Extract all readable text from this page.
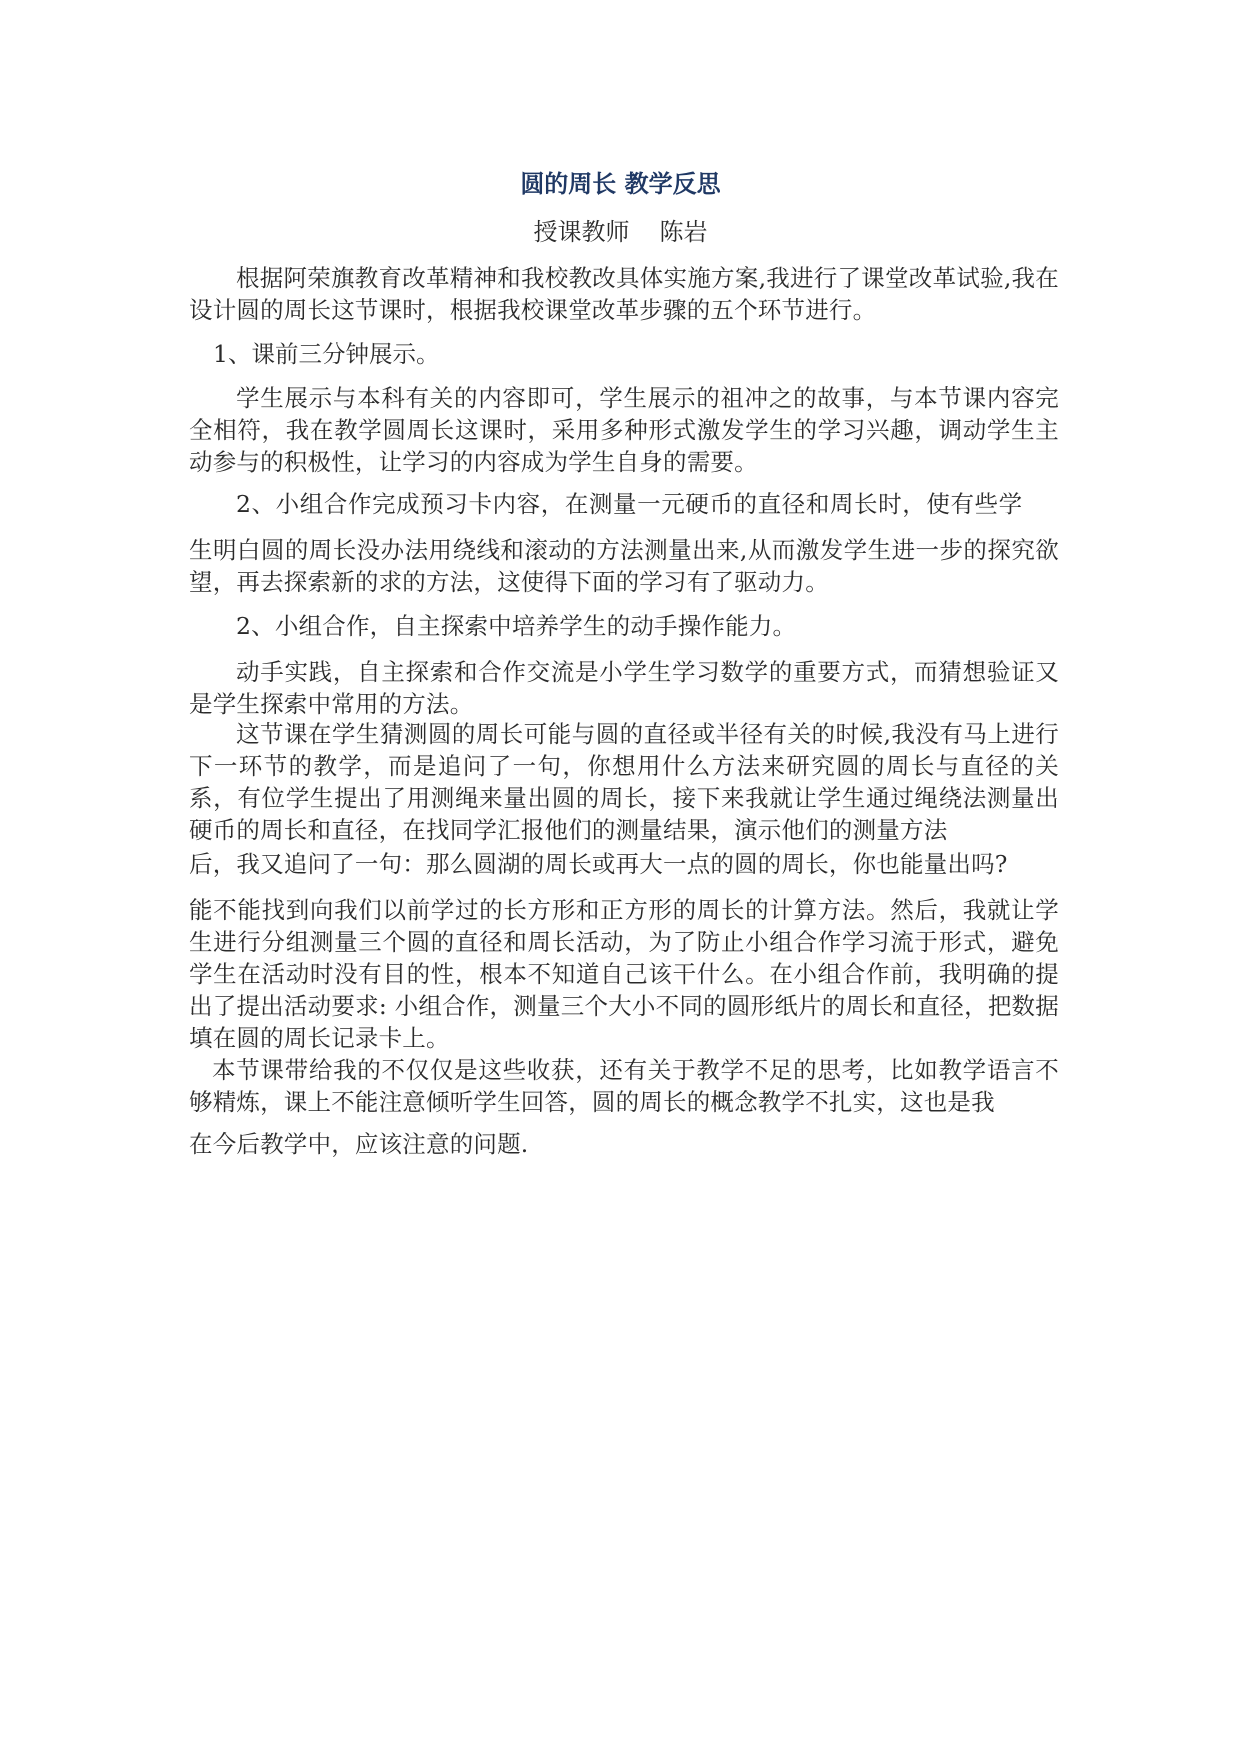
圆的周长 教学反思

授课教师 陈岩

根据阿荣旗教育改革精神和我校教改具体实施方案,我进行了课堂改革试验,我在设计圆的周长这节课时，根据我校课堂改革步骤的五个环节进行。

1、课前三分钟展示。

学生展示与本科有关的内容即可，学生展示的祖冲之的故事，与本节课内容完全相符，我在教学圆周长这课时，采用多种形式激发学生的学习兴趣，调动学生主动参与的积极性，让学习的内容成为学生自身的需要。

2、小组合作完成预习卡内容，在测量一元硬币的直径和周长时，使有些学

生明白圆的周长没办法用绕线和滚动的方法测量出来,从而激发学生进一步的探究欲望，再去探索新的求的方法，这使得下面的学习有了驱动力。

2、小组合作，自主探索中培养学生的动手操作能力。

动手实践，自主探索和合作交流是小学生学习数学的重要方式，而猜想验证又是学生探索中常用的方法。

这节课在学生猜测圆的周长可能与圆的直径或半径有关的时候,我没有马上进行下一环节的教学，而是追问了一句，你想用什么方法来研究圆的周长与直径的关系，有位学生提出了用测绳来量出圆的周长，接下来我就让学生通过绳绕法测量出硬币的周长和直径，在找同学汇报他们的测量结果，演示他们的测量方法

后，我又追问了一句：那么圆湖的周长或再大一点的圆的周长，你也能量出吗?

能不能找到向我们以前学过的长方形和正方形的周长的计算方法。然后，我就让学生进行分组测量三个圆的直径和周长活动，为了防止小组合作学习流于形式，避免学生在活动时没有目的性，根本不知道自己该干什么。在小组合作前，我明确的提出了提出活动要求: 小组合作，测量三个大小不同的圆形纸片的周长和直径，把数据填在圆的周长记录卡上。

本节课带给我的不仅仅是这些收获，还有关于教学不足的思考，比如教学语言不够精炼，课上不能注意倾听学生回答，圆的周长的概念教学不扎实，这也是我

在今后教学中，应该注意的问题.
